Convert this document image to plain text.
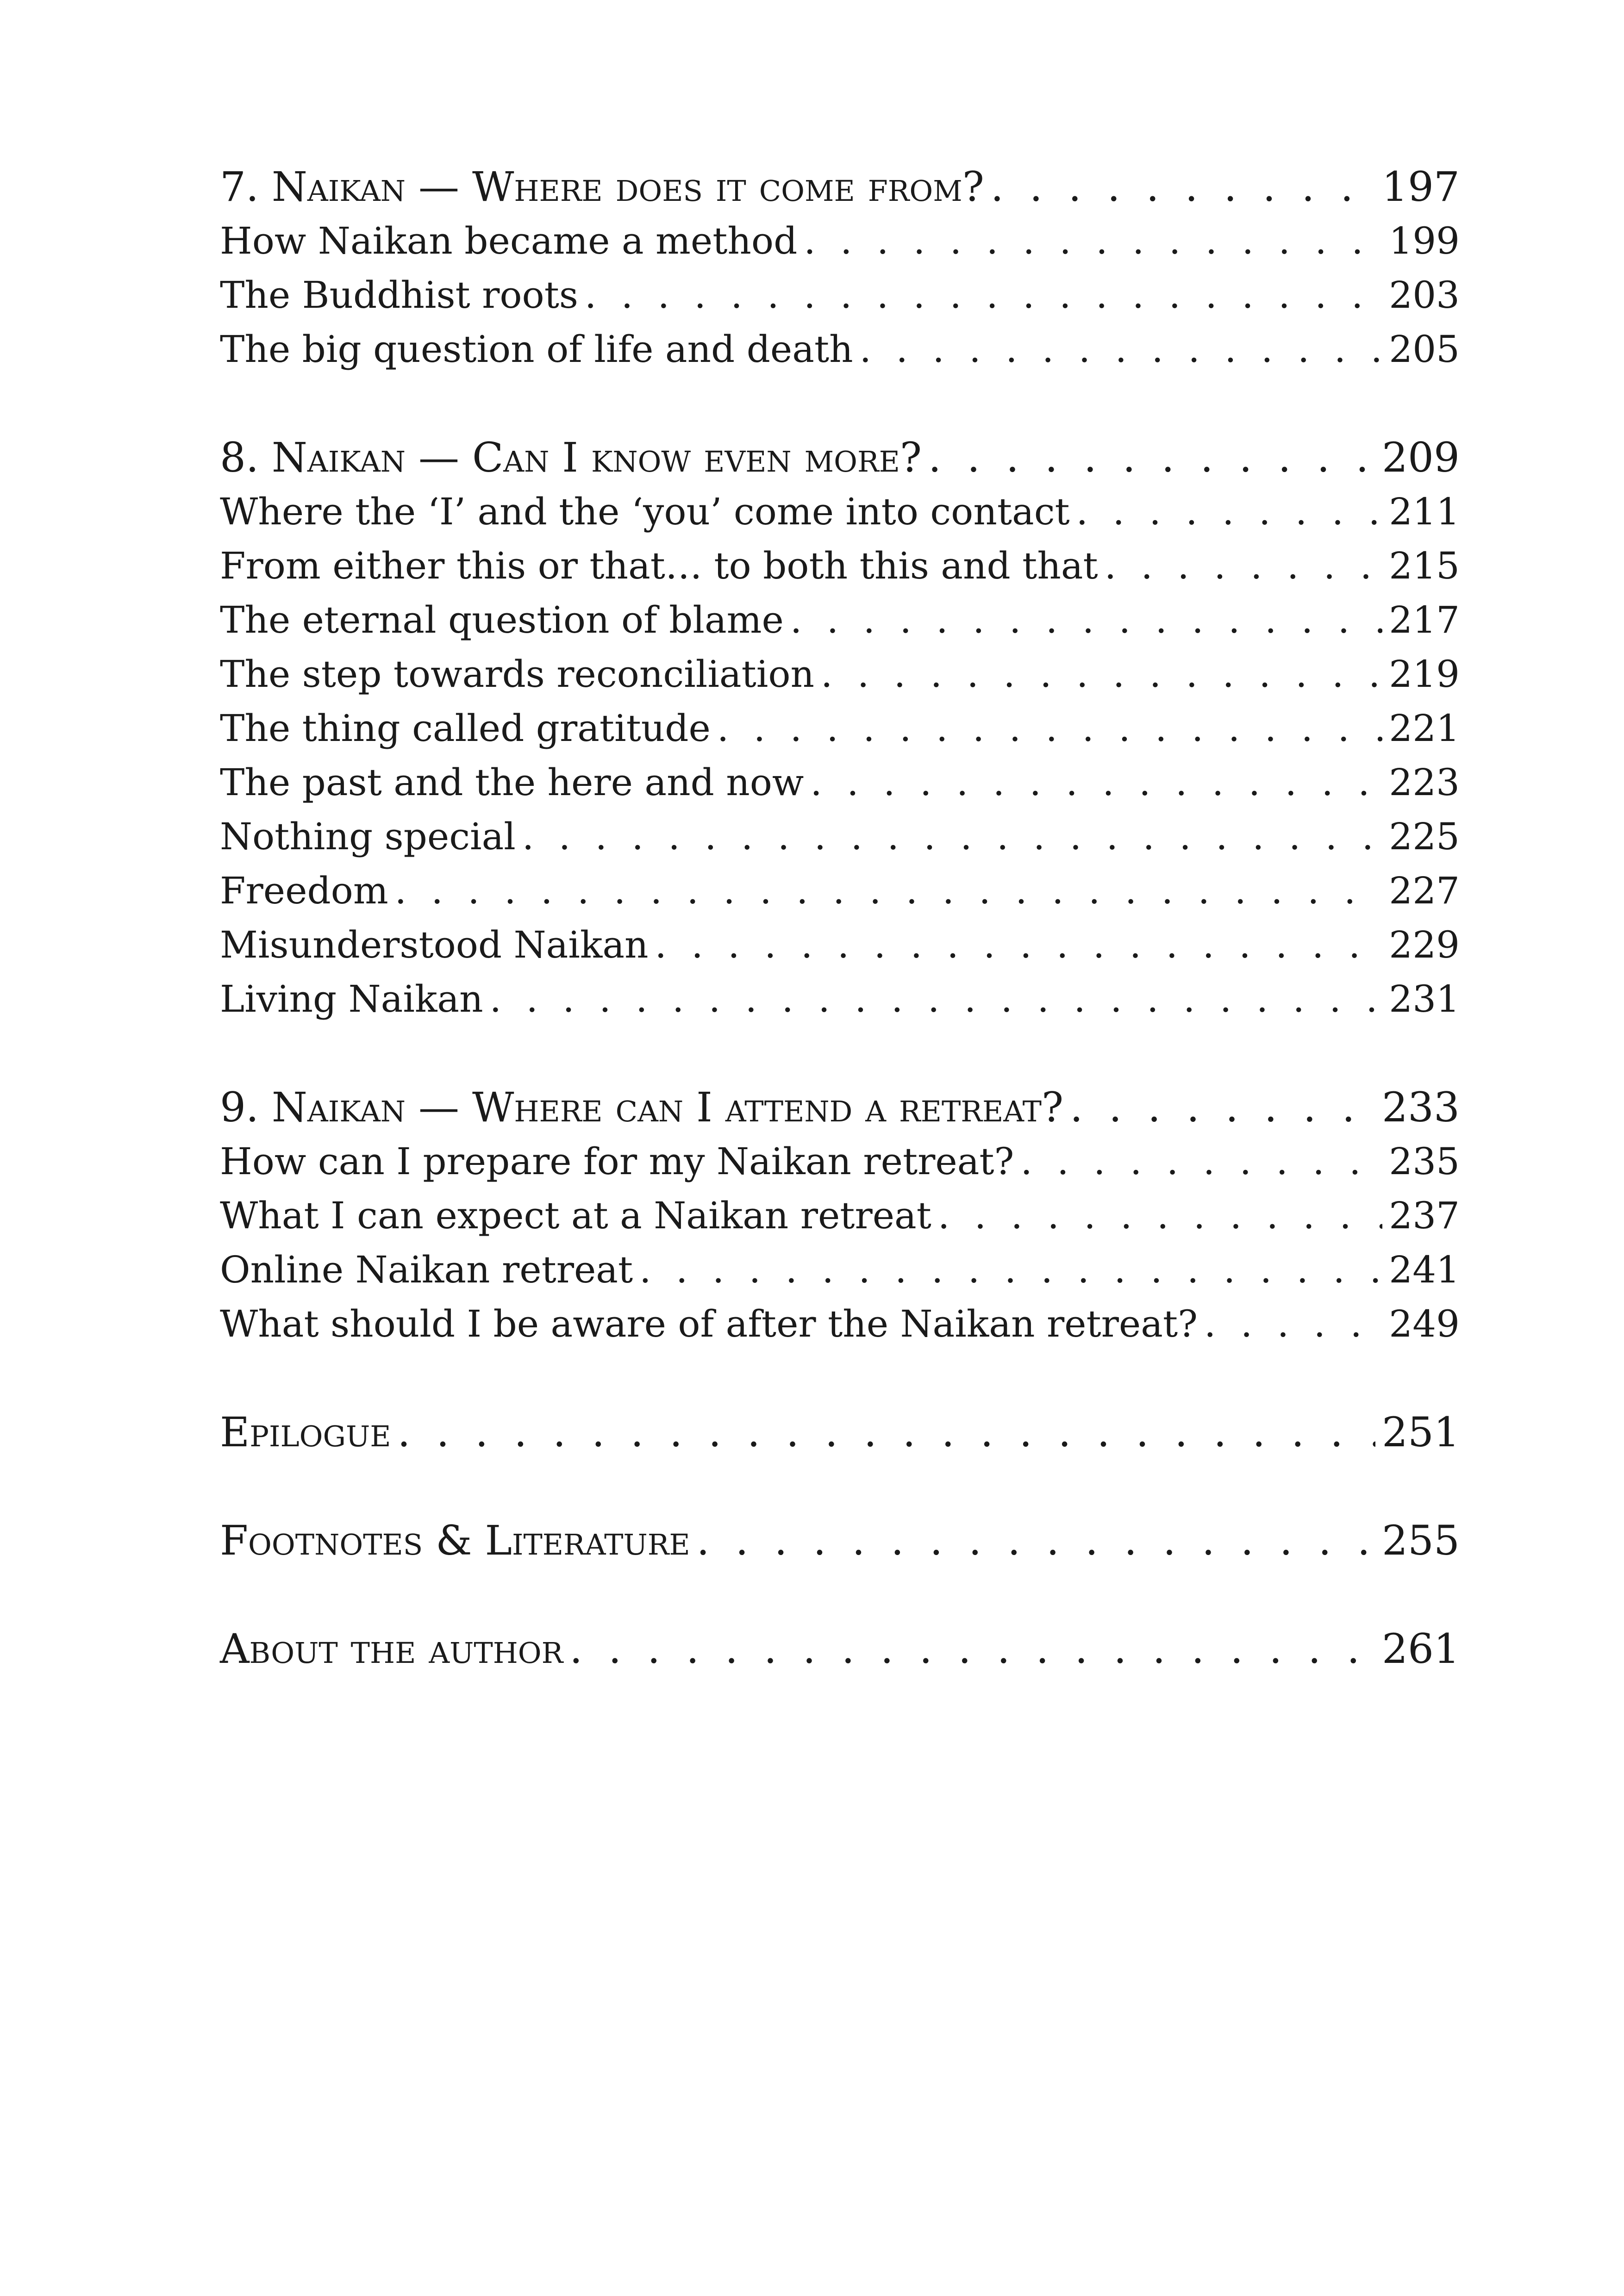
7. Naikan — Where does it come from? . . .	197
How Naikan became a method . . .	199
The Buddhist roots . . .	203
The big question of life and death . . .	205
8. Naikan — Can I know even more? . . .	209
Where the ‘I’ and the ‘you’ come into contact . . .	211
From either this or that… to both this and that . . .	215
The eternal question of blame . . .	217
The step towards reconciliation . . .	219
The thing called gratitude . . .	221
The past and the here and now . . .	223
Nothing special . . .	225
Freedom . . .	227
Misunderstood Naikan . . .	229
Living Naikan . . .	231
9. Naikan — Where can I attend a retreat? . . .	233
How can I prepare for my Naikan retreat? . . .	235
What I can expect at a Naikan retreat . . .	237
Online Naikan retreat . . .	241
What should I be aware of after the Naikan retreat? . . .	249
Epilogue . . .	251
Footnotes & Literature . . .	255
About the author . . .	261
